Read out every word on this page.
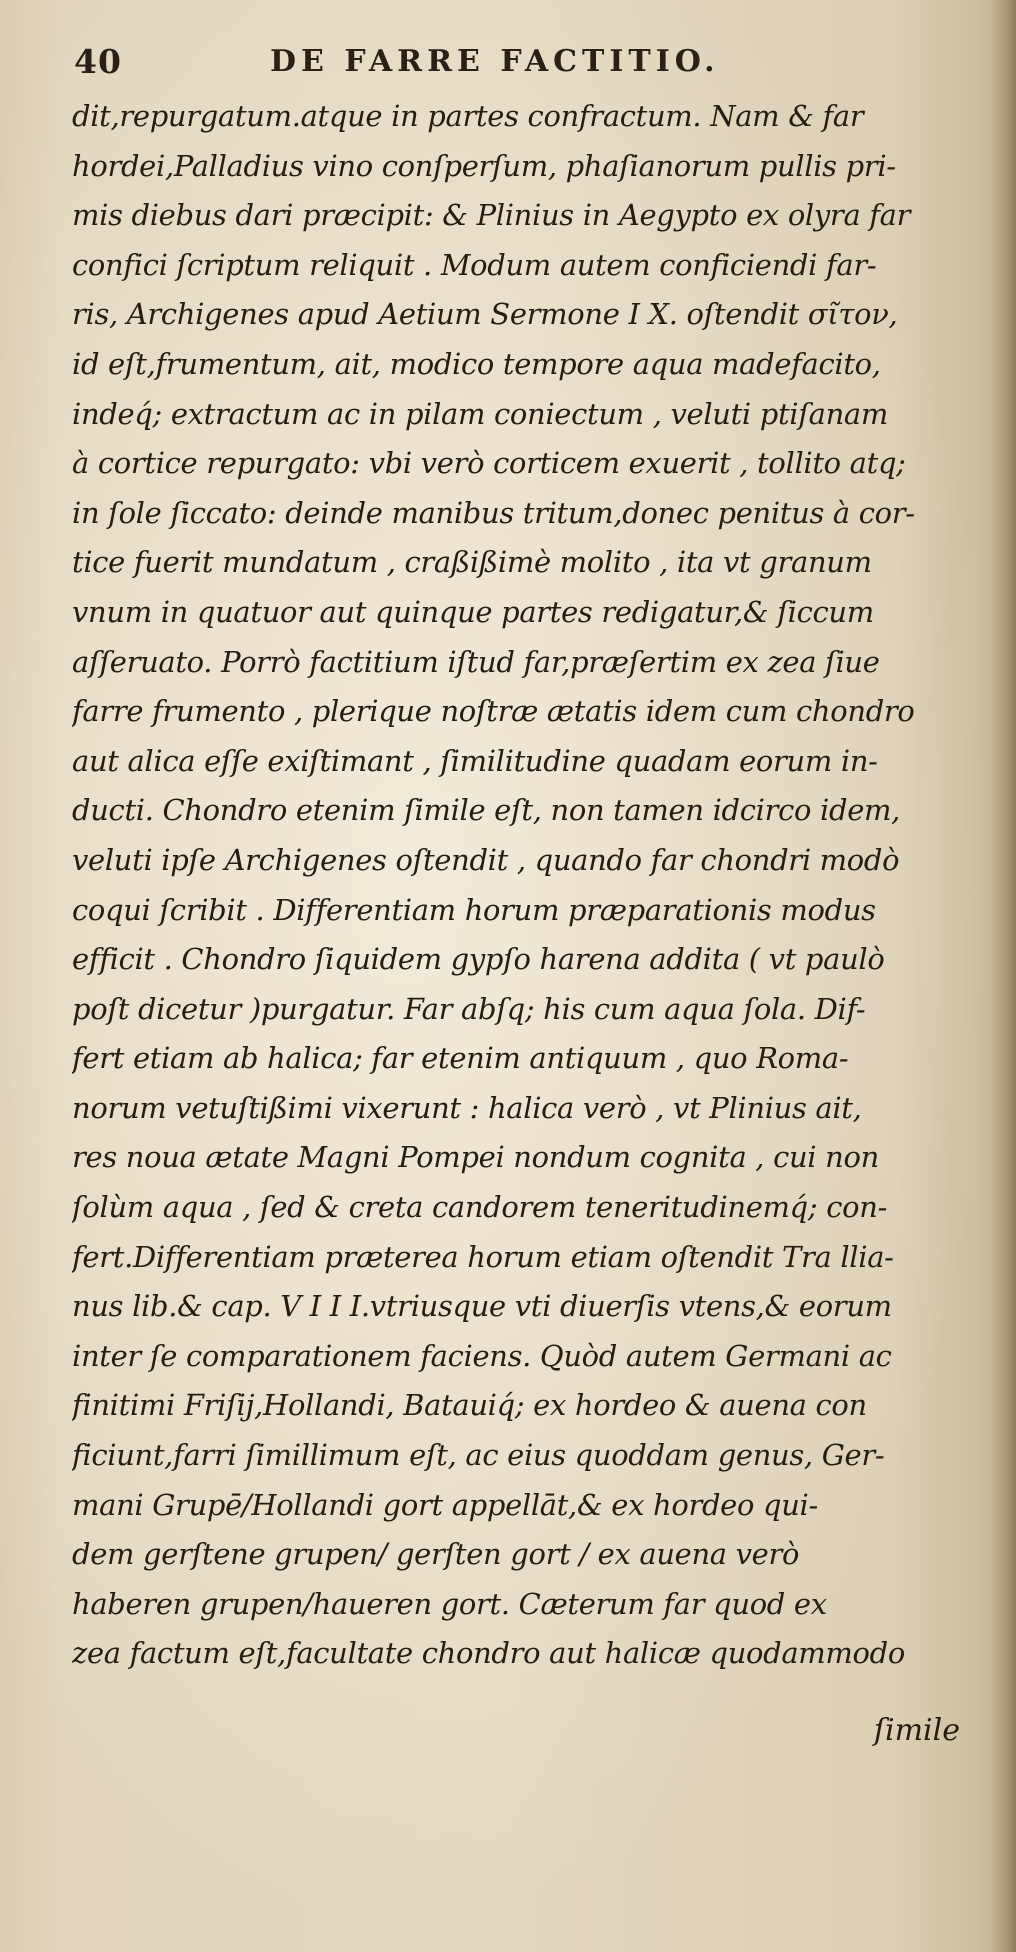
40	DE FARRE FACTITIO.
dit,repurgatum.atque in partes confractum. Nam & far
hordei,Palladius vino conſperſum, phaſianorum pullis pri-
mis diebus dari præcipit: & Plinius in Aegypto ex olyra far
confici ſcriptum reliquit . Modum autem conficiendi far-
ris, Archigenes apud Aetium Sermone I X. oſtendit σῖτον,
id eſt,frumentum, ait, modico tempore aqua madefacito,
indeq́; extractum ac in pilam coniectum , veluti ptiſanam
à cortice repurgato: vbi verò corticem exuerit , tollito atq;
in ſole ſiccato: deinde manibus tritum,donec penitus à cor-
tice fuerit mundatum , craßißimè molito , ita vt granum
vnum in quatuor aut quinque partes redigatur,& ſiccum
aſſeruato. Porrò factitium iſtud far,præſertim ex zea ſiue
farre frumento , plerique noſtræ ætatis idem cum chondro
aut alica eſſe exiſtimant , ſimilitudine quadam eorum in-
ducti. Chondro etenim ſimile eſt, non tamen idcirco idem,
veluti ipſe Archigenes oſtendit , quando far chondri modò
coqui ſcribit . Differentiam horum præparationis modus
efficit . Chondro ſiquidem gypſo harena addita ( vt paulò
poſt dicetur )purgatur. Far abſq; his cum aqua ſola. Dif-
fert etiam ab halica; far etenim antiquum , quo Roma-
norum vetuſtißimi vixerunt : halica verò , vt Plinius ait,
res noua ætate Magni Pompei nondum cognita , cui non
ſolùm aqua , ſed & creta candorem teneritudinemq́; con-
fert.Differentiam præterea horum etiam oſtendit Tra llia-
nus lib.& cap. V I I I.vtriusque vti diuerſis vtens,& eorum
inter ſe comparationem faciens. Quòd autem Germani ac
finitimi Friſij,Hollandi, Batauiq́; ex hordeo & auena con
ficiunt,farri ſimillimum eſt, ac eius quoddam genus, Ger-
mani Grupē/Hollandi gort appellāt,& ex hordeo qui-
dem gerſtene grupen/ gerſten gort / ex auena verò
haberen grupen/haueren gort. Cæterum far quod ex
zea factum eſt,facultate chondro aut halicæ quodammodo
ſimile
